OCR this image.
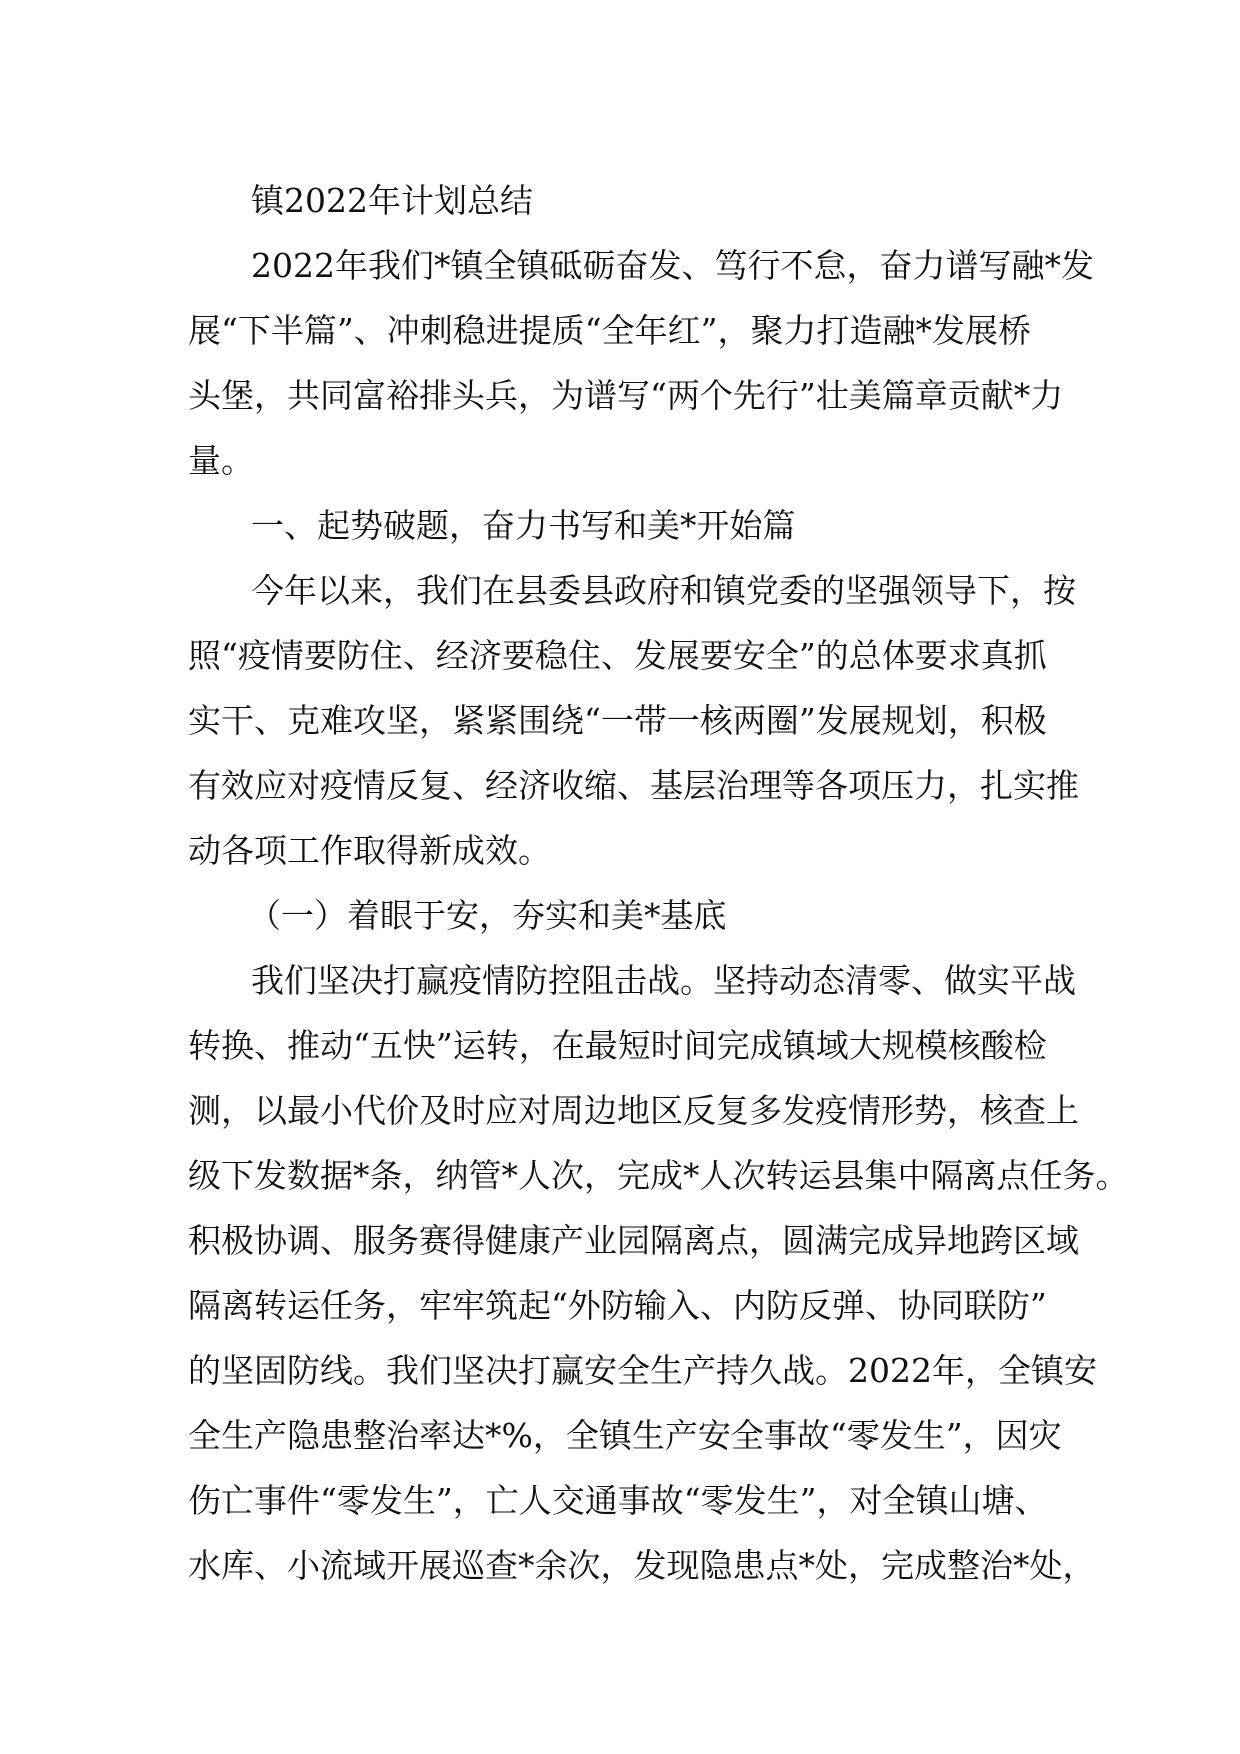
镇2022年计划总结

2022年我们*镇全镇砥砺奋发、笃行不怠，奋力谱写融*发

展“下半篇”、冲刺稳进提质“全年红”，聚力打造融*发展桥

头堡，共同富裕排头兵，为谱写“两个先行”壮美篇章贡献*力

量。

一、起势破题，奋力书写和美*开始篇

今年以来，我们在县委县政府和镇党委的坚强领导下，按

照“疫情要防住、经济要稳住、发展要安全”的总体要求真抓

实干、克难攻坚，紧紧围绕“一带一核两圈”发展规划，积极

有效应对疫情反复、经济收缩、基层治理等各项压力，扎实推

动各项工作取得新成效。

（一）着眼于安，夯实和美*基底

我们坚决打赢疫情防控阻击战。坚持动态清零、做实平战

转换、推动“五快”运转，在最短时间完成镇域大规模核酸检

测，以最小代价及时应对周边地区反复多发疫情形势，核查上

级下发数据*条，纳管*人次，完成*人次转运县集中隔离点任务。

积极协调、服务赛得健康产业园隔离点，圆满完成异地跨区域

隔离转运任务，牢牢筑起“外防输入、内防反弹、协同联防”

的坚固防线。我们坚决打赢安全生产持久战。2022年，全镇安

全生产隐患整治率达*%，全镇生产安全事故“零发生”，因灾

伤亡事件“零发生”，亡人交通事故“零发生”，对全镇山塘、

水库、小流域开展巡查*余次，发现隐患点*处，完成整治*处，
